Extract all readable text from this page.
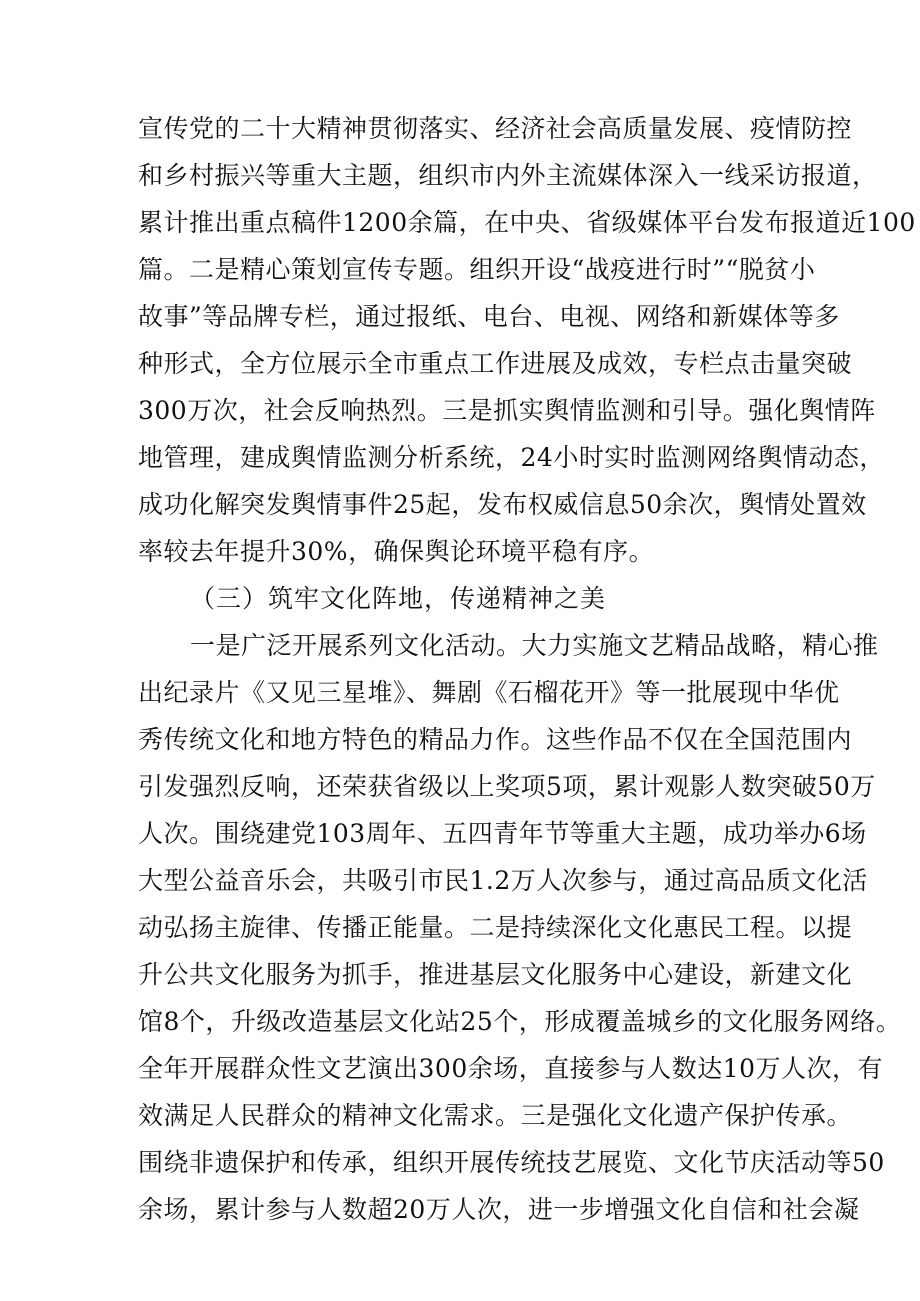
宣传党的二十大精神贯彻落实、经济社会高质量发展、疫情防控
和乡村振兴等重大主题，组织市内外主流媒体深入一线采访报道，
累计推出重点稿件1200余篇，在中央、省级媒体平台发布报道近100
篇。二是精心策划宣传专题。组织开设“战疫进行时”“脱贫小
故事”等品牌专栏，通过报纸、电台、电视、网络和新媒体等多
种形式，全方位展示全市重点工作进展及成效，专栏点击量突破
300万次，社会反响热烈。三是抓实舆情监测和引导。强化舆情阵
地管理，建成舆情监测分析系统，24小时实时监测网络舆情动态，
成功化解突发舆情事件25起，发布权威信息50余次，舆情处置效
率较去年提升30%，确保舆论环境平稳有序。
（三）筑牢文化阵地，传递精神之美
一是广泛开展系列文化活动。大力实施文艺精品战略，精心推
出纪录片《又见三星堆》、舞剧《石榴花开》等一批展现中华优
秀传统文化和地方特色的精品力作。这些作品不仅在全国范围内
引发强烈反响，还荣获省级以上奖项5项，累计观影人数突破50万
人次。围绕建党103周年、五四青年节等重大主题，成功举办6场
大型公益音乐会，共吸引市民1.2万人次参与，通过高品质文化活
动弘扬主旋律、传播正能量。二是持续深化文化惠民工程。以提
升公共文化服务为抓手，推进基层文化服务中心建设，新建文化
馆8个，升级改造基层文化站25个，形成覆盖城乡的文化服务网络。
全年开展群众性文艺演出300余场，直接参与人数达10万人次，有
效满足人民群众的精神文化需求。三是强化文化遗产保护传承。
围绕非遗保护和传承，组织开展传统技艺展览、文化节庆活动等50
余场，累计参与人数超20万人次，进一步增强文化自信和社会凝
